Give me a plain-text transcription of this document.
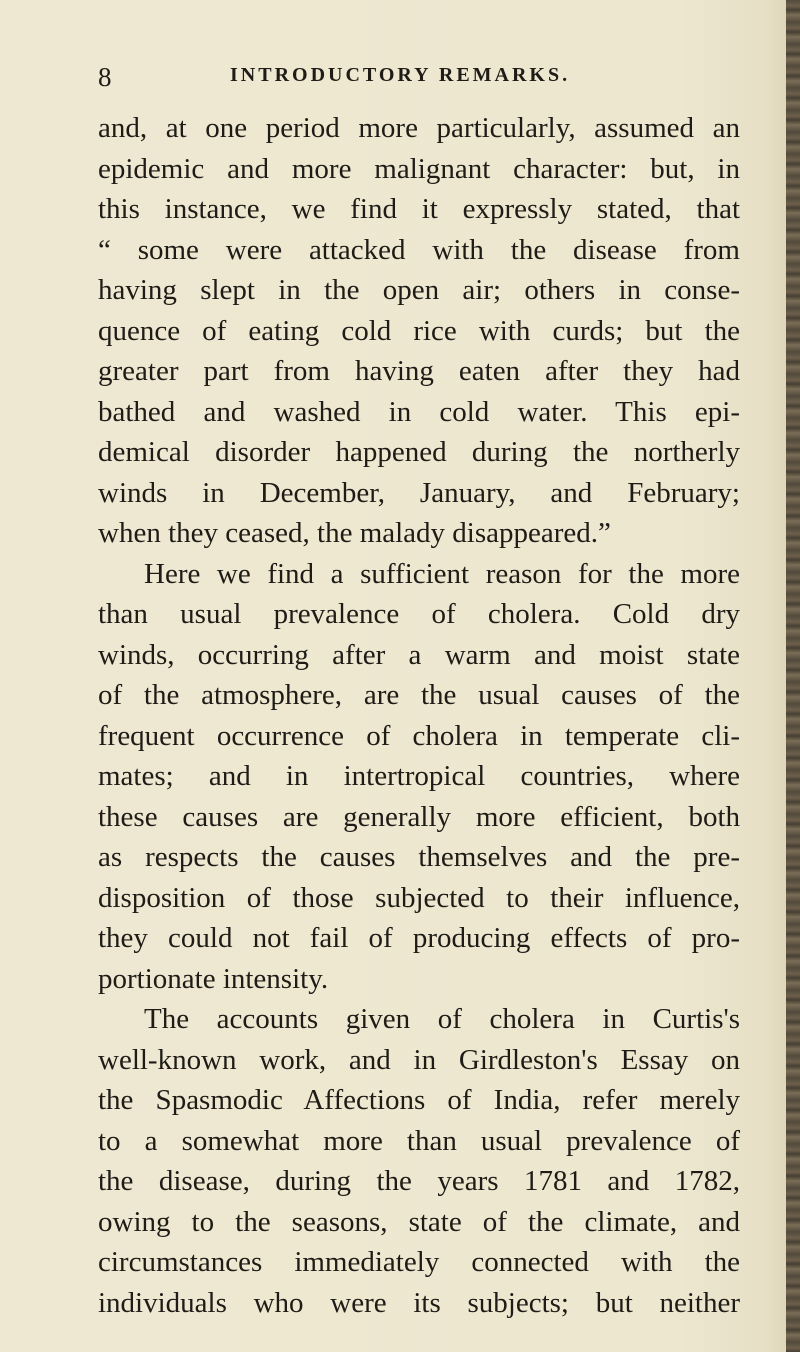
8	INTRODUCTORY REMARKS.
and, at one period more particularly, assumed an
epidemic and more malignant character: but, in
this instance, we find it expressly stated, that
“ some were attacked with the disease from
having slept in the open air; others in conse-
quence of eating cold rice with curds; but the
greater part from having eaten after they had
bathed and washed in cold water. This epi-
demical disorder happened during the northerly
winds in December, January, and February;
when they ceased, the malady disappeared.”
Here we find a sufficient reason for the more
than usual prevalence of cholera. Cold dry
winds, occurring after a warm and moist state
of the atmosphere, are the usual causes of the
frequent occurrence of cholera in temperate cli-
mates; and in intertropical countries, where
these causes are generally more efficient, both
as respects the causes themselves and the pre-
disposition of those subjected to their influence,
they could not fail of producing effects of pro-
portionate intensity.
The accounts given of cholera in Curtis's
well-known work, and in Girdleston's Essay on
the Spasmodic Affections of India, refer merely
to a somewhat more than usual prevalence of
the disease, during the years 1781 and 1782,
owing to the seasons, state of the climate, and
circumstances immediately connected with the
individuals who were its subjects; but neither
